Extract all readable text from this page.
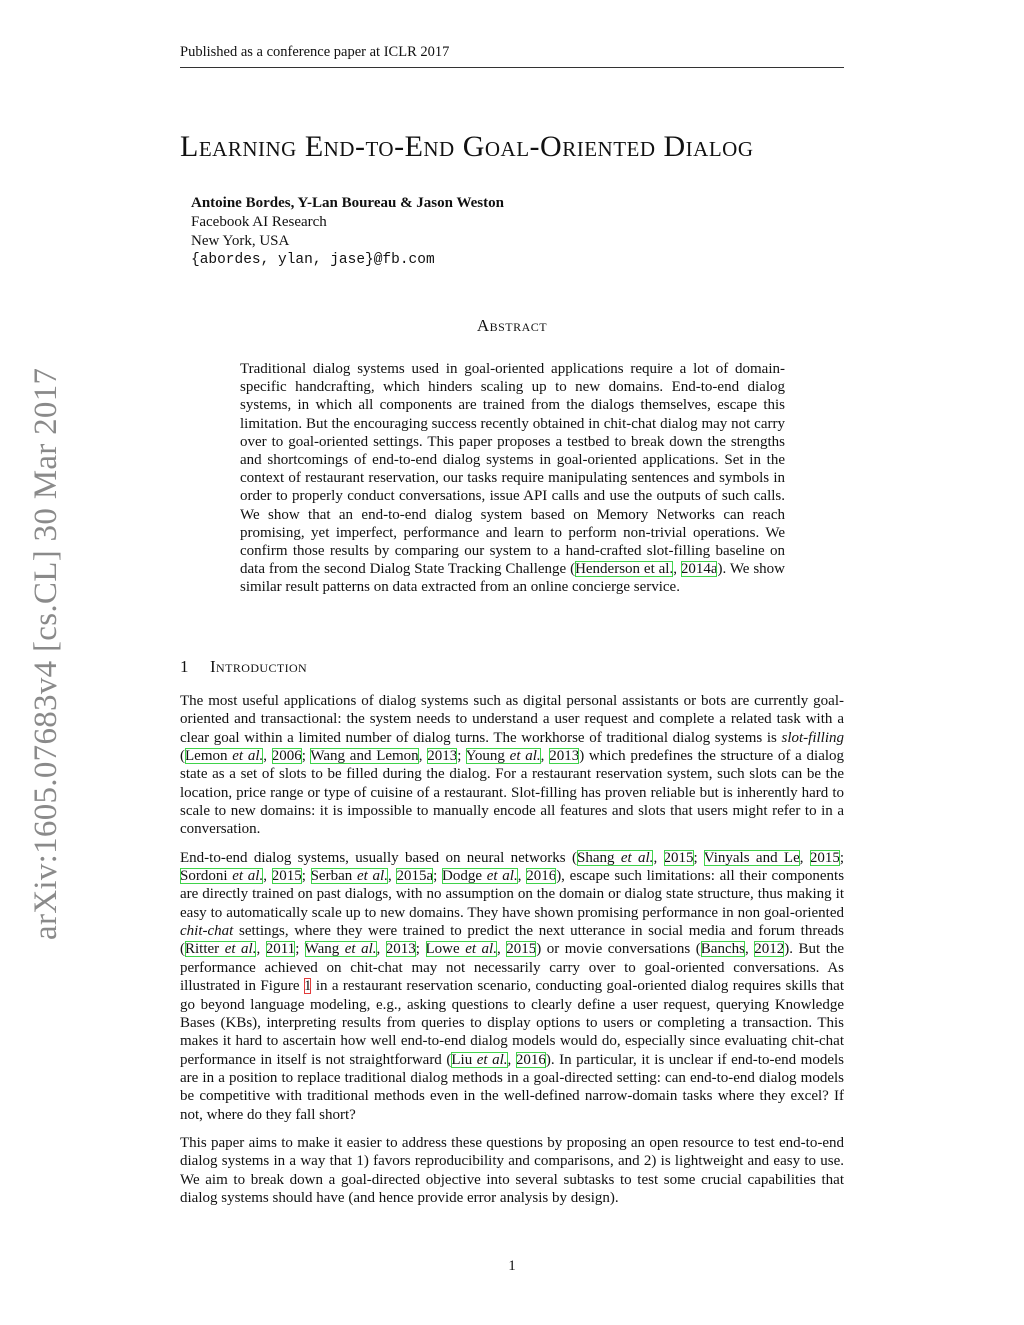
Published as a conference paper at ICLR 2017
arXiv:1605.07683v4 [cs.CL] 30 Mar 2017
Learning End-to-End Goal-Oriented Dialog
Antoine Bordes, Y-Lan Boureau & Jason Weston
Facebook AI Research
New York, USA
{abordes, ylan, jase}@fb.com
Abstract
Traditional dialog systems used in goal-oriented applications require a lot of domain-specific handcrafting, which hinders scaling up to new domains. End-to-end dialog systems, in which all components are trained from the dialogs themselves, escape this limitation. But the encouraging success recently obtained in chit-chat dialog may not carry over to goal-oriented settings. This paper proposes a testbed to break down the strengths and shortcomings of end-to-end dialog systems in goal-oriented applications. Set in the context of restaurant reservation, our tasks require manipulating sentences and symbols in order to properly conduct conversations, issue API calls and use the outputs of such calls. We show that an end-to-end dialog system based on Memory Networks can reach promising, yet imperfect, performance and learn to perform non-trivial operations. We confirm those results by comparing our system to a hand-crafted slot-filling baseline on data from the second Dialog State Tracking Challenge (Henderson et al., 2014a). We show similar result patterns on data extracted from an online concierge service.
1 Introduction

The most useful applications of dialog systems such as digital personal assistants or bots are currently goal-oriented and transactional: the system needs to understand a user request and complete a related task with a clear goal within a limited number of dialog turns. The workhorse of traditional dialog systems is slot-filling (Lemon et al., 2006; Wang and Lemon, 2013; Young et al., 2013) which predefines the structure of a dialog state as a set of slots to be filled during the dialog. For a restaurant reservation system, such slots can be the location, price range or type of cuisine of a restaurant. Slot-filling has proven reliable but is inherently hard to scale to new domains: it is impossible to manually encode all features and slots that users might refer to in a conversation.

End-to-end dialog systems, usually based on neural networks (Shang et al., 2015; Vinyals and Le, 2015; Sordoni et al., 2015; Serban et al., 2015a; Dodge et al., 2016), escape such limitations: all their components are directly trained on past dialogs, with no assumption on the domain or dialog state structure, thus making it easy to automatically scale up to new domains. They have shown promising performance in non goal-oriented chit-chat settings, where they were trained to predict the next utterance in social media and forum threads (Ritter et al., 2011; Wang et al., 2013; Lowe et al., 2015) or movie conversations (Banchs, 2012). But the performance achieved on chit-chat may not necessarily carry over to goal-oriented conversations. As illustrated in Figure 1 in a restaurant reservation scenario, conducting goal-oriented dialog requires skills that go beyond language modeling, e.g., asking questions to clearly define a user request, querying Knowledge Bases (KBs), interpreting results from queries to display options to users or completing a transaction. This makes it hard to ascertain how well end-to-end dialog models would do, especially since evaluating chit-chat performance in itself is not straightforward (Liu et al., 2016). In particular, it is unclear if end-to-end models are in a position to replace traditional dialog methods in a goal-directed setting: can end-to-end dialog models be competitive with traditional methods even in the well-defined narrow-domain tasks where they excel? If not, where do they fall short?

This paper aims to make it easier to address these questions by proposing an open resource to test end-to-end dialog systems in a way that 1) favors reproducibility and comparisons, and 2) is lightweight and easy to use. We aim to break down a goal-directed objective into several subtasks to test some crucial capabilities that dialog systems should have (and hence provide error analysis by design).

1
